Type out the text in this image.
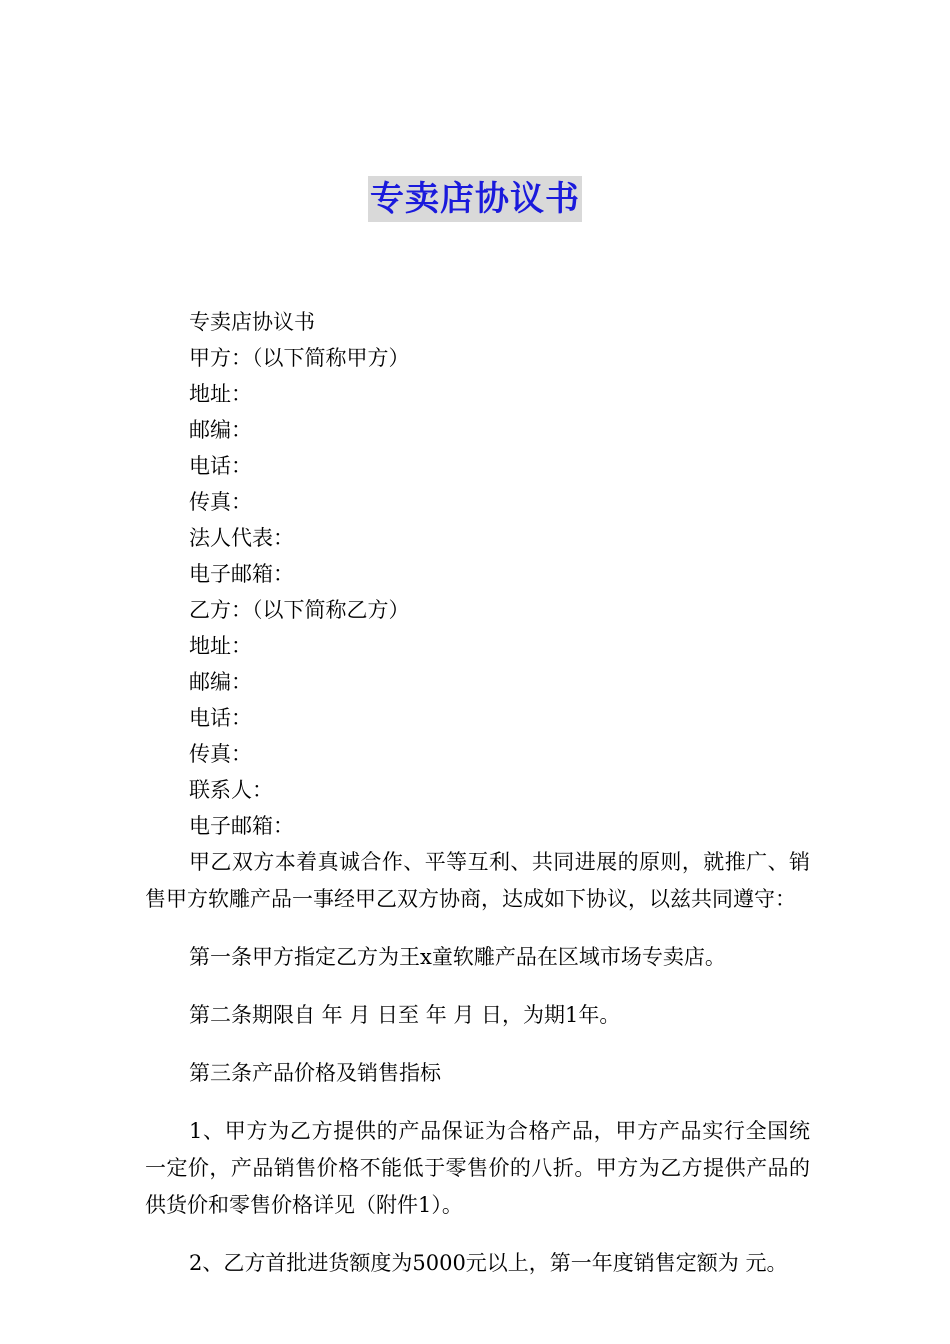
专卖店协议书
专卖店协议书
甲方：（以下简称甲方）
地址：
邮编：
电话：
传真：
法人代表：
电子邮箱：
乙方：（以下简称乙方）
地址：
邮编：
电话：
传真：
联系人：
电子邮箱：

甲乙双方本着真诚合作、平等互利、共同进展的原则，就推广、销售甲方软雕产品一事经甲乙双方协商，达成如下协议，以兹共同遵守：

第一条甲方指定乙方为王x童软雕产品在区域市场专卖店。

第二条期限自 年 月 日至 年 月 日，为期1年。

第三条产品价格及销售指标

1、甲方为乙方提供的产品保证为合格产品，甲方产品实行全国统一定价，产品销售价格不能低于零售价的八折。甲方为乙方提供产品的供货价和零售价格详见（附件1）。

2、乙方首批进货额度为5000元以上，第一年度销售定额为 元。
